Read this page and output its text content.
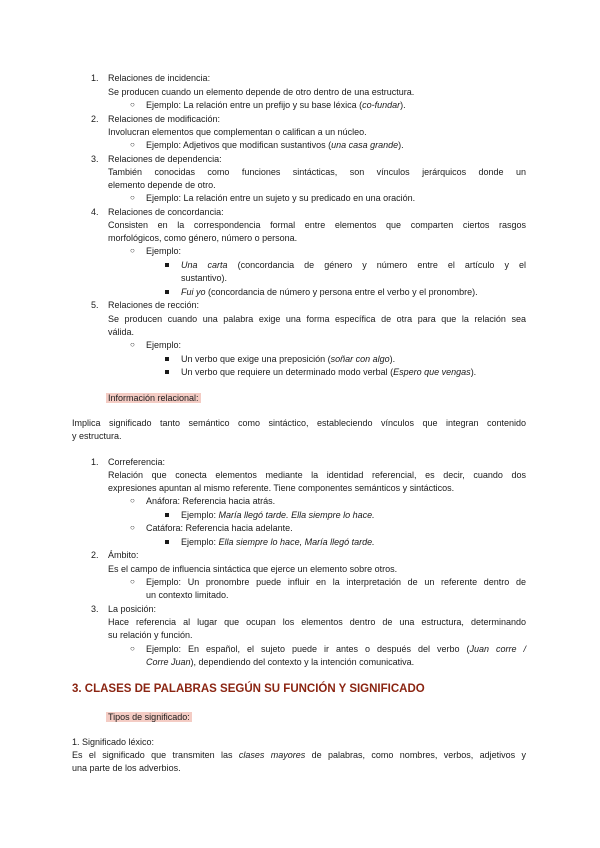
1. Relaciones de incidencia:
Se producen cuando un elemento depende de otro dentro de una estructura.
○ Ejemplo: La relación entre un prefijo y su base léxica (co-fundar).
2. Relaciones de modificación:
Involucran elementos que complementan o califican a un núcleo.
○ Ejemplo: Adjetivos que modifican sustantivos (una casa grande).
3. Relaciones de dependencia:
También conocidas como funciones sintácticas, son vínculos jerárquicos donde un
elemento depende de otro.
○ Ejemplo: La relación entre un sujeto y su predicado en una oración.
4. Relaciones de concordancia:
Consisten en la correspondencia formal entre elementos que comparten ciertos rasgos
morfológicos, como género, número o persona.
○ Ejemplo:
Una carta (concordancia de género y número entre el artículo y el
sustantivo).
Fui yo (concordancia de número y persona entre el verbo y el pronombre).
5. Relaciones de rección:
Se producen cuando una palabra exige una forma específica de otra para que la relación sea
válida.
○ Ejemplo:
Un verbo que exige una preposición (soñar con algo).
Un verbo que requiere un determinado modo verbal (Espero que vengas).
Información relacional:
Implica significado tanto semántico como sintáctico, estableciendo vínculos que integran contenido
y estructura.
1. Correferencia:
Relación que conecta elementos mediante la identidad referencial, es decir, cuando dos
expresiones apuntan al mismo referente. Tiene componentes semánticos y sintácticos.
○ Anáfora: Referencia hacia atrás.
Ejemplo: María llegó tarde. Ella siempre lo hace.
○ Catáfora: Referencia hacia adelante.
Ejemplo: Ella siempre lo hace, María llegó tarde.
2. Ámbito:
Es el campo de influencia sintáctica que ejerce un elemento sobre otros.
○ Ejemplo: Un pronombre puede influir en la interpretación de un referente dentro de
un contexto limitado.
3. La posición:
Hace referencia al lugar que ocupan los elementos dentro de una estructura, determinando
su relación y función.
○ Ejemplo: En español, el sujeto puede ir antes o después del verbo (Juan corre /
Corre Juan), dependiendo del contexto y la intención comunicativa.
3. CLASES DE PALABRAS SEGÚN SU FUNCIÓN Y SIGNIFICADO
Tipos de significado:
1. Significado léxico:
Es el significado que transmiten las clases mayores de palabras, como nombres, verbos, adjetivos y
una parte de los adverbios.
